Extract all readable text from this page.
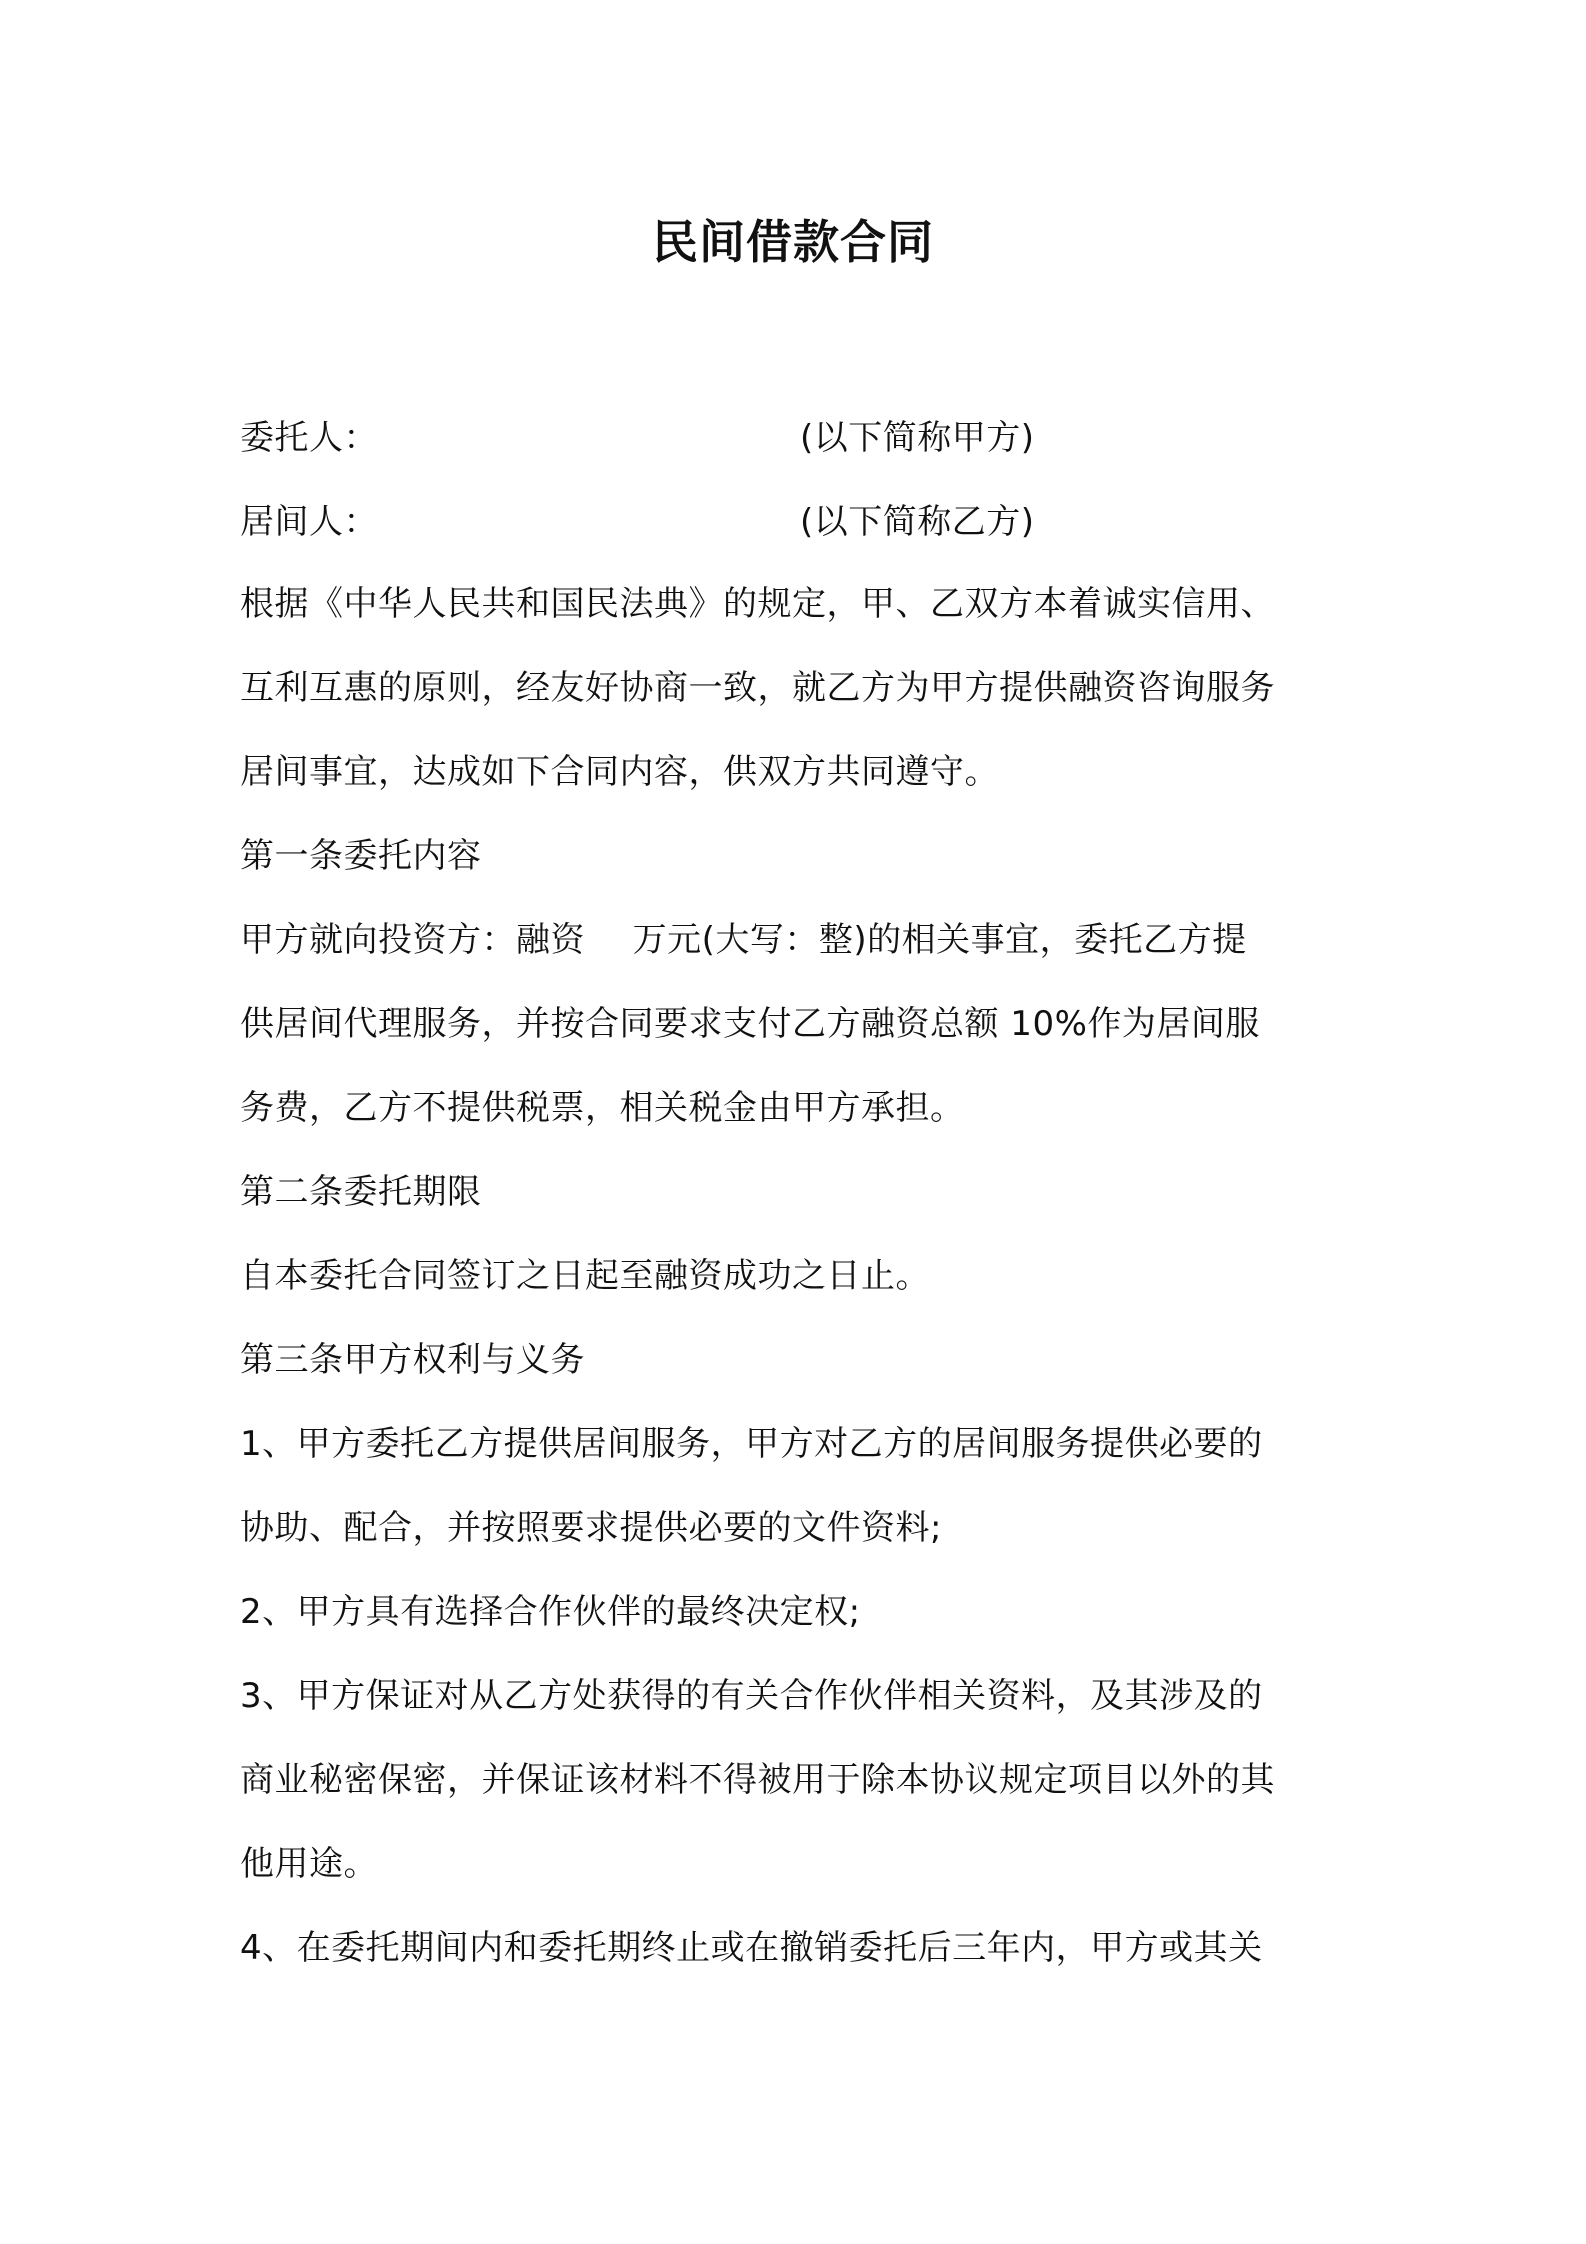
民间借款合同
委托人：	(以下简称甲方)
居间人：	(以下简称乙方)
根据《中华人民共和国民法典》的规定，甲、乙双方本着诚实信用、
互利互惠的原则，经友好协商一致，就乙方为甲方提供融资咨询服务
居间事宜，达成如下合同内容，供双方共同遵守。
第一条委托内容
甲方就向投资方：融资 万元(大写：整)的相关事宜，委托乙方提
供居间代理服务，并按合同要求支付乙方融资总额 10%作为居间服
务费，乙方不提供税票，相关税金由甲方承担。
第二条委托期限
自本委托合同签订之日起至融资成功之日止。
第三条甲方权利与义务
1、甲方委托乙方提供居间服务，甲方对乙方的居间服务提供必要的
协助、配合，并按照要求提供必要的文件资料;
2、甲方具有选择合作伙伴的最终决定权;
3、甲方保证对从乙方处获得的有关合作伙伴相关资料，及其涉及的
商业秘密保密，并保证该材料不得被用于除本协议规定项目以外的其
他用途。
4、在委托期间内和委托期终止或在撤销委托后三年内，甲方或其关
